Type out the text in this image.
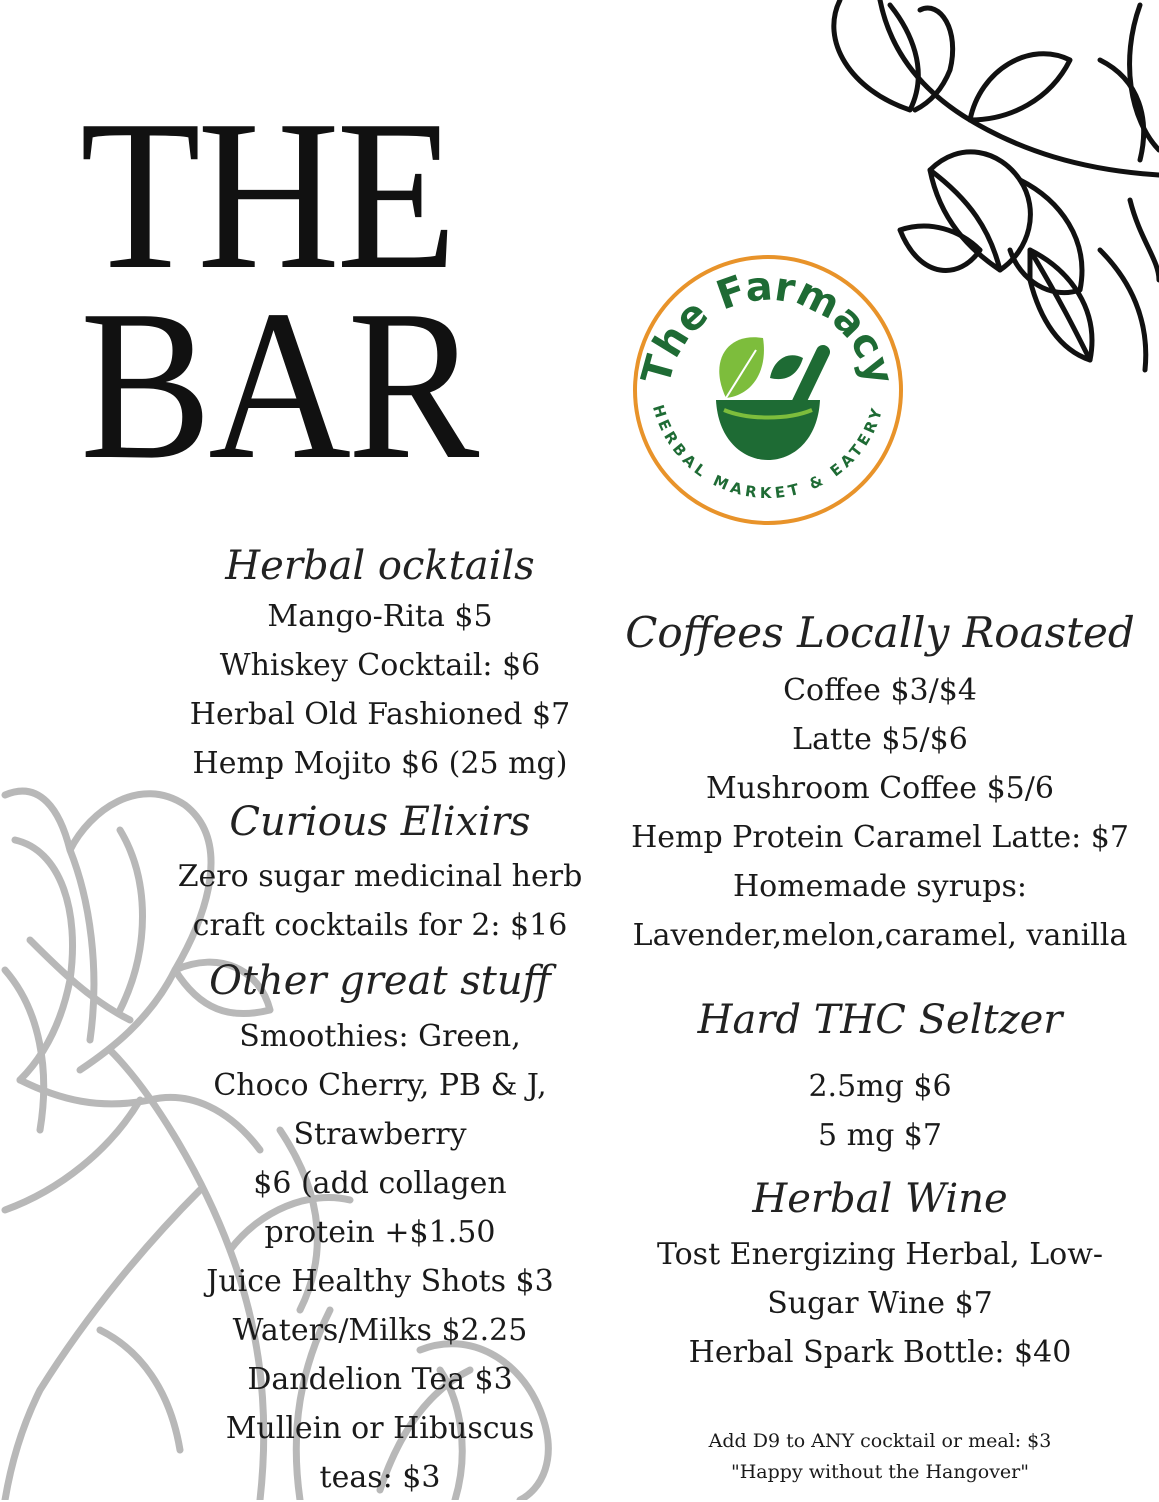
THE
BAR	The Farmacy
HERBAL MARKET & EATERY
Herbal ocktails
Mango-Rita $5
Whiskey Cocktail: $6
Herbal Old Fashioned $7
Hemp Mojito $6 (25 mg)
Curious Elixirs
Zero sugar medicinal herb
craft cocktails for 2: $16
Other great stuff
Smoothies: Green,
Choco Cherry, PB & J,
Strawberry
$6 (add collagen
protein +$1.50
Juice Healthy Shots $3
Waters/Milks $2.25
Dandelion Tea $3
Mullein or Hibuscus
teas: $3
Coffees Locally Roasted
Coffee $3/$4
Latte $5/$6
Mushroom Coffee $5/6
Hemp Protein Caramel Latte: $7
Homemade syrups:
Lavender,melon,caramel, vanilla
Hard THC Seltzer
2.5mg $6
5 mg $7
Herbal Wine
Tost Energizing Herbal, Low-
Sugar Wine $7
Herbal Spark Bottle: $40
Add D9 to ANY cocktail or meal: $3
"Happy without the Hangover"
